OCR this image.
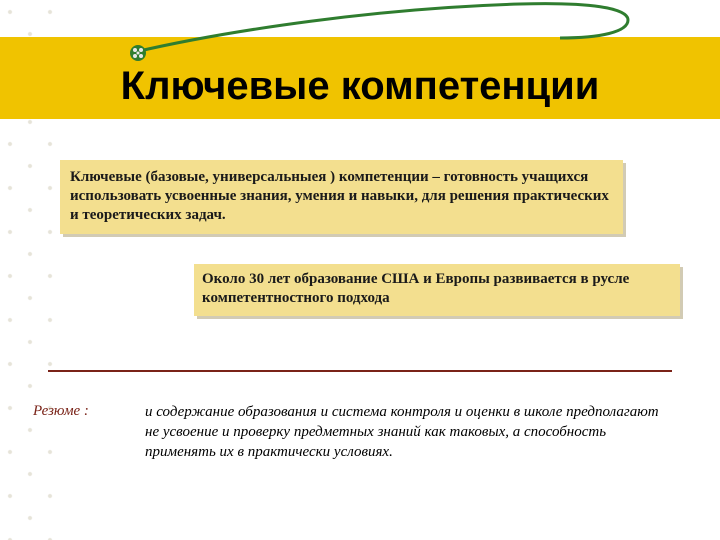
Ключевые компетенции
Ключевые (базовые, универсальныея ) компетенции – готовность учащихся использовать усвоенные знания, умения и навыки, для решения практических и теоретических задач.
Около 30 лет образование США и Европы развивается в русле компетентностного подхода
Резюме :	и содержание образования и система контроля и оценки в школе предполагают не усвоение и проверку предметных знаний как таковых, а способность применять их в практически условиях.
